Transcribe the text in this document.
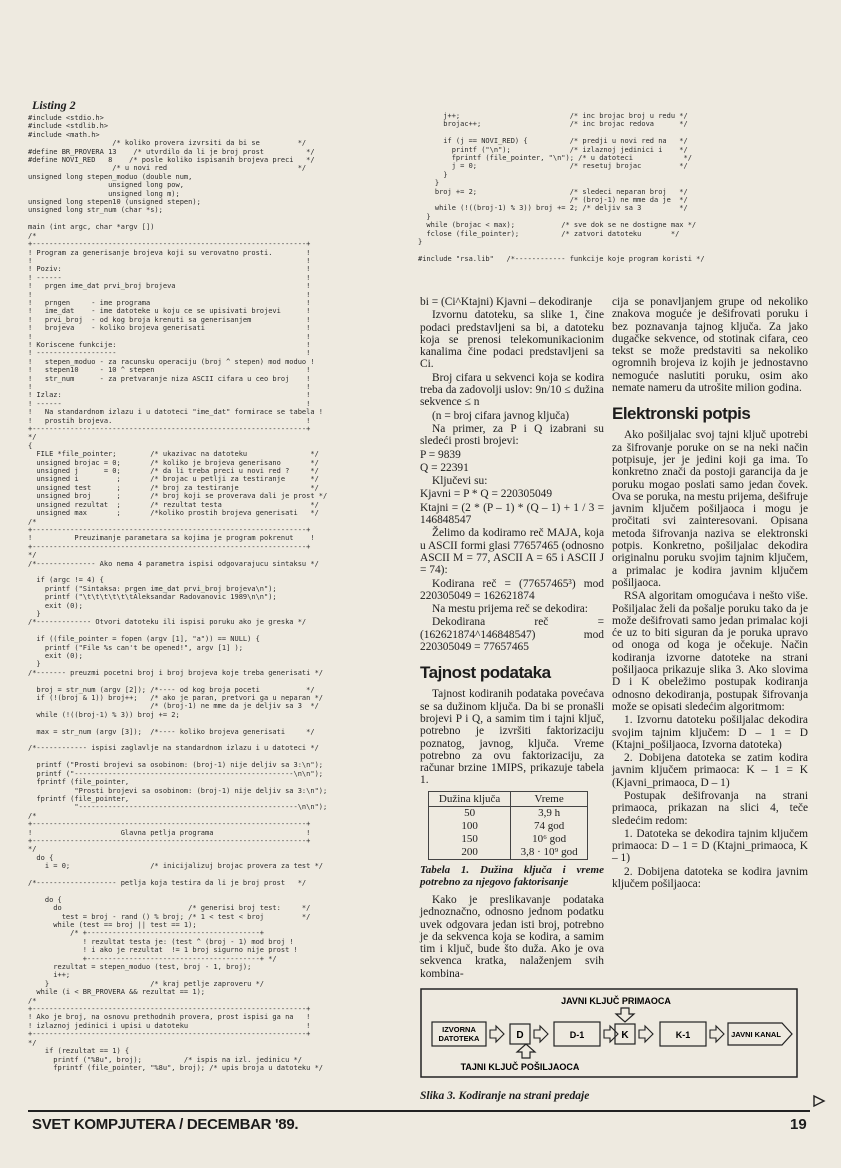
Listing 2
#include <stdio.h>
#include <stdlib.h>
#include <math.h>
/* koliko provera izvrsiti da bi se         */
#define BR_PROVERA 13    /* utvrdilo da li je broj prost          */
#define NOVI_RED   8    /* posle koliko ispisanih brojeva preci   */
/* u novi red                               */
unsigned long stepen_moduo (double num,
unsigned long pow,
unsigned long m);
unsigned long stepen10 (unsigned stepen);
unsigned long str_num (char *s);

main (int argc, char *argv [])
/*
+-----------------------------------------------------------------+
! Program za generisanje brojeva koji su verovatno prosti.        !
!                                                                 !
! Poziv:                                                          !
! ------                                                          !
!   prgen ime_dat prvi_broj brojeva                               !
!                                                                 !
!   prngen     - ime programa                                     !
!   ime_dat    - ime datoteke u koju ce se upisivati brojevi      !
!   prvi_broj  - od kog broja krenuti sa generisanjem             !
!   brojeva    - koliko brojeva generisati                        !
!                                                                 !
! Koriscene funkcije:                                             !
! -------------------                                             !
!   stepen_moduo - za racunsku operaciju (broj ^ stepen) mod moduo !
!   stepen10     - 10 ^ stepen                                    !
!   str_num      - za pretvaranje niza ASCII cifara u ceo broj    !
!                                                                 !
! Izlaz:                                                          !
! ------                                                          !
!   Na standardnom izlazu i u datoteci "ime_dat" formirace se tabela !
!   prostih brojeva.                                              !
+-----------------------------------------------------------------+
*/
{
FILE *file_pointer;        /* ukazivac na datoteku               */
unsigned brojac = 0;       /* koliko je brojeva generisano       */
unsigned j      = 0;       /* da li treba preci u novi red ?     */
unsigned i         ;       /* brojac u petlji za testiranje      */
unsigned test      ;       /* broj za testiranje                 */
unsigned broj      ;       /* broj koji se proverava dali je prost */
unsigned rezultat  ;       /* rezultat testa                     */
unsigned max       ;       /*koliko prostih brojeva generisati   */
/*
+-----------------------------------------------------------------+
!          Preuzimanje parametara sa kojima je program pokrenut    !
+-----------------------------------------------------------------+
*/
/*-------------- Ako nema 4 parametra ispisi odgovarajucu sintaksu */

if (argc != 4) {
printf ("Sintaksa: prgen ime_dat prvi_broj brojeva\n");
printf ("\t\t\t\t\t\tAleksandar Radovanovic 1989\n\n");
exit (0);
}
/*------------- Otvori datoteku ili ispisi poruku ako je greska */

if ((file_pointer = fopen (argv [1], "a")) == NULL) {
printf ("File %s can't be opened!", argv [1] );
exit (0);
}
/*------- preuzmi pocetni broj i broj brojeva koje treba generisati */

broj = str_num (argv [2]); /*---- od kog broja poceti           */
if (!(broj & 1)) broj++;   /* ako je paran, pretvori ga u neparan */
/* (broj-1) ne mme da je deljiv sa 3  */
while (!((broj-1) % 3)) broj += 2;

max = str_num (argv [3]);  /*---- koliko brojeva generisati     */

/*------------ ispisi zaglavlje na standardnom izlazu i u datoteci */

printf ("Prosti brojevi sa osobinom: (broj-1) nije deljiv sa 3:\n");
printf ("----------------------------------------------------\n\n");
fprintf (file_pointer,
"Prosti brojevi sa osobinom: (broj-1) nije deljiv sa 3:\n");
fprintf (file_pointer,
"----------------------------------------------------\n\n");
/*
+-----------------------------------------------------------------+
!                     Glavna petlja programa                      !
+-----------------------------------------------------------------+
*/
do {
i = 0;                   /* inicijalizuj brojac provera za test */

/*------------------- petlja koja testira da li je broj prost   */

do {
do                              /* generisi broj test:     */
test = broj - rand () % broj; /* 1 < test < broj         */
while (test == broj || test == 1);
/* +-----------------------------------------+
! rezultat testa je: (test ^ (broj - 1) mod broj !
! i ako je rezultat  != 1 broj sigurno nije prost !
+-----------------------------------------+ */
rezultat = stepen_moduo (test, broj - 1, broj);
i++;
}                        /* kraj petlje zaproveru */
while (i < BR_PROVERA && rezultat == 1);
/*
+-----------------------------------------------------------------+
! Ako je broj, na osnovu prethodnih provera, prost ispisi ga na   !
! izlaznoj jedinici i upisi u datoteku                            !
+-----------------------------------------------------------------+
*/
if (rezultat == 1) {
printf ("%8u", broj);          /* ispis na izl. jedinicu */
fprintf (file_pointer, "%8u", broj); /* upis broja u datoteku */
j++;                          /* inc brojac broj u redu */
brojac++;                     /* inc brojac redova      */

if (j == NOVI_RED) {          /* predji u novi red na   */
printf ("\n");              /* izlaznoj jedinici i    */
fprintf (file_pointer, "\n"); /* u datoteci            */
j = 0;                      /* resetuj brojac         */
}
}
broj += 2;                      /* sledeci neparan broj   */
/* (broj-1) ne mme da je  */
while (!((broj-1) % 3)) broj += 2; /* deljiv sa 3         */
}
while (brojac < max);           /* sve dok se ne dostigne max */
fclose (file_pointer);          /* zatvori datoteku       */
}

#include "rsa.lib"   /*------------ funkcije koje program koristi */

bi = (Ci^Ktajni) Kjavni – dekodiranje

Izvornu datoteku, sa slike 1, čine podaci predstavljeni sa bi, a datoteku koja se prenosi telekomunikacionim kanalima čine podaci predstavljeni sa Ci.

Broj cifara u sekvenci koja se kodira treba da zadovolji uslov: 9n/10 ≤ dužina sekvence ≤ n

(n = broj cifara javnog ključa)

Na primer, za P i Q izabrani su sledeći prosti brojevi:

P = 9839

Q = 22391

Ključevi su:

Kjavni = P * Q = 220305049

Ktajni = (2 * (P – 1) * (Q – 1) + 1 / 3 = 146848547

Želimo da kodiramo reč MAJA, koja u ASCII formi glasi 77657465 (odnosno ASCII M = 77, ASCII A = 65 i ASCII J = 74):

Kodirana reč = (77657465³) mod 220305049 = 162621874

Na mestu prijema reč se dekodira:

Dekodirana reč = (162621874^146848547) mod 220305049 = 77657465

Tajnost podataka

Tajnost kodiranih podataka povećava se sa dužinom ključa. Da bi se pronašli brojevi P i Q, a samim tim i tajni ključ, potrebno je izvršiti faktorizaciju poznatog, javnog, ključa. Vreme potrebno za ovu faktorizaciju, za računar brzine 1MIPS, prikazuje tabela 1.

Dužina ključa	Vreme
50	3,9 h
100	74 god
150	10⁶ god
200	3,8 · 10⁹ god

Tabela 1. Dužina ključa i vreme potrebno za njegovo faktorisanje

Kako je preslikavanje podataka jednoznačno, odnosno jednom podatku uvek odgovara jedan isti broj, potrebno je da sekvenca koja se kodira, a samim tim i ključ, bude što duža. Ako je ova sekvenca kratka, nalaženjem svih kombina-

cija se ponavljanjem grupe od nekoliko znakova moguće je dešifrovati poruku i bez poznavanja tajnog ključa. Za jako dugačke sekvence, od stotinak cifara, ceo tekst se može predstaviti sa nekoliko ogromnih brojeva iz kojih je jednostavno nemoguće naslutiti poruku, osim ako nemate nameru da utrošite milion godina.

Elektronski potpis

Ako pošiljalac svoj tajni ključ upotrebi za šifrovanje poruke on se na neki način potpisuje, jer je jedini koji ga ima. To konkretno znači da postoji garancija da je poruku mogao poslati samo jedan čovek. Ova se poruka, na mestu prijema, dešifruje javnim ključem pošiljaoca i mogu je pročitati svi zainteresovani. Opisana metoda šifrovanja naziva se elektronski potpis. Konkretno, pošiljalac dekodira originalnu poruku svojim tajnim ključem, a primalac je kodira javnim ključem pošiljaoca.

RSA algoritam omogućava i nešto više. Pošiljalac želi da pošalje poruku tako da je može dešifrovati samo jedan primalac koji će uz to biti siguran da je poruka upravo od onoga od koga je očekuje. Način kodiranja izvorne datoteke na strani pošiljaoca prikazuje slika 3. Ako slovima D i K obeležimo postupak kodiranja odnosno dekodiranja, postupak šifrovanja može se opisati sledećim algoritmom:

1. Izvornu datoteku pošiljalac dekodira svojim tajnim ključem: D – 1 = D (Ktajni_pošiljaoca, Izvorna datoteka)

2. Dobijena datoteka se zatim kodira javnim ključem primaoca: K – 1 = K (Kjavni_primaoca, D – 1)

Postupak dešifrovanja na strani primaoca, prikazan na slici 4, teče sledećim redom:

1. Datoteka se dekodira tajnim ključem primaoca: D – 1 = D (Ktajni_primaoca, K – 1)

2. Dobijena datoteka se kodira javnim ključem pošiljaoca:

JAVNI KLJUČ PRIMAOCA
TAJNI KLJUČ POŠILJAOCA
IZVORNA
DATOTEKA	D	D-1	K	K-1	JAVNI KANAL
Slika 3. Kodiranje na strani predaje
SVET KOMPJUTERA / DECEMBAR '89.	19
